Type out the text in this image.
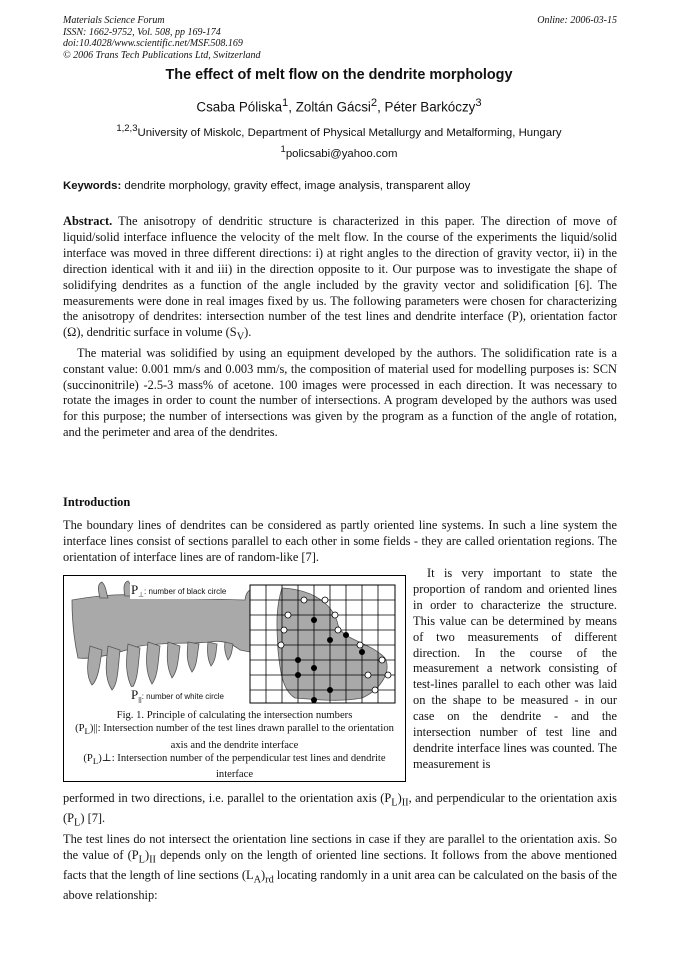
Materials Science Forum
ISSN: 1662-9752, Vol. 508, pp 169-174
doi:10.4028/www.scientific.net/MSF.508.169
© 2006 Trans Tech Publications Ltd, Switzerland
Online: 2006-03-15
The effect of melt flow on the dendrite morphology
Csaba Póliska$^1$, Zoltán Gácsi$^2$, Péter Barkóczy$^3$
$^{1,2,3}$University of Miskolc, Department of Physical Metallurgy and Metalforming, Hungary
$^1$policsabi@yahoo.com
Keywords: dendrite morphology, gravity effect, image analysis, transparent alloy
Abstract. The anisotropy of dendritic structure is characterized in this paper. The direction of move of liquid/solid interface influence the velocity of the melt flow. In the course of the experiments the liquid/solid interface was moved in three different directions: i) at right angles to the direction of gravity vector, ii) in the direction identical with it and iii) in the direction opposite to it. Our purpose was to investigate the shape of solidifying dendrites as a function of the angle included by the gravity vector and solidification [6]. The measurements were done in real images fixed by us. The following parameters were chosen for characterizing the anisotropy of dendrites: intersection number of the test lines and dendrite interface (P), orientation factor (Ω), dendritic surface in volume $(S_V)$.
The material was solidified by using an equipment developed by the authors. The solidification rate is a constant value: 0.001 mm/s and 0.003 mm/s, the composition of material used for modelling purposes is: SCN (succinonitrile) -2.5-3 mass% of acetone. 100 images were processed in each direction. It was necessary to rotate the images in order to count the number of intersections. A program developed by the authors was used for this purpose; the number of intersections was given by the program as a function of the angle of rotation, and the perimeter and area of the dendrites.
Introduction
The boundary lines of dendrites can be considered as partly oriented line systems. In such a line system the interface lines consist of sections parallel to each other in some fields - they are called orientation regions. The orientation of interface lines are of random-like [7].
$P_\perp$: number of black circle
$P_{||}$: number of white circle
Fig. 1. Principle of calculating the intersection numbers
$(P_L)||$: Intersection number of the test lines drawn parallel to the orientation axis and the dendrite interface
$(P_L)\perp$: Intersection number of the perpendicular test lines and dendrite interface
It is very important to state the proportion of random and oriented lines in order to characterize the structure. This value can be determined by means of two measurements of different direction. In the course of the measurement a network consisting of test-lines parallel to each other was laid on the shape to be measured - in our case on the dendrite - and the intersection number of test line and dendrite interface lines was counted. The measurement is
performed in two directions, i.e. parallel to the orientation axis $(P_L)_{II}$, and perpendicular to the orientation axis $(P_L)$ [7].
The test lines do not intersect the orientation line sections in case if they are parallel to the orientation axis. So the value of $(P_L)_{II}$ depends only on the length of oriented line sections. It follows from the above mentioned facts that the length of line sections $(L_A)_{rd}$ locating randomly in a unit area can be calculated on the basis of the above relationship:
